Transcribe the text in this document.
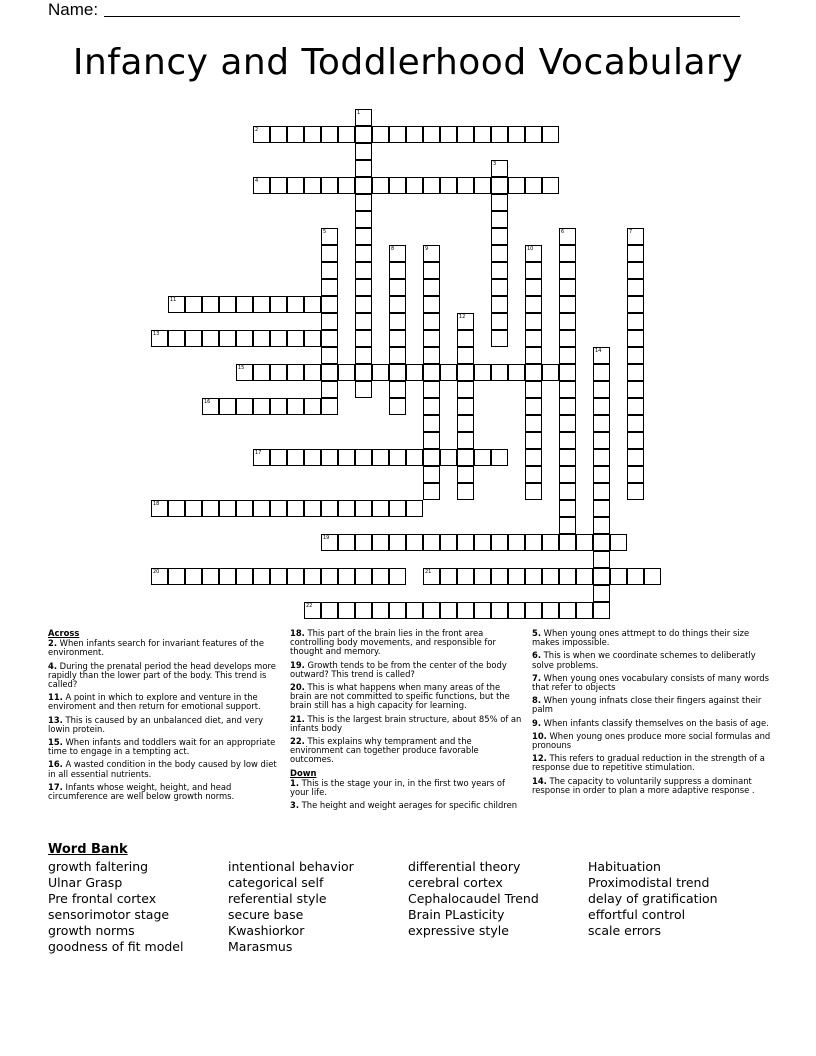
Name:
Infancy and Toddlerhood Vocabulary
1
2
3
4
5	6	7
8	9	10
11
12
13
14
15
16
17
18
19
20	21
22
Across
2. When infants search for invariant features of the environment.
4. During the prenatal period the head develops more rapidly than the lower part of the body. This trend is called?
11. A point in which to explore and venture in the enviroment and then return for emotional support.
13. This is caused by an unbalanced diet, and very lowin protein.
15. When infants and toddlers wait for an appropriate time to engage in a tempting act.
16. A wasted condition in the body caused by low diet in all essential nutrients.
17. Infants whose weight, height, and head circumference are well below growth norms.
18. This part of the brain lies in the front area controlling body movements, and responsible for thought and memory.
19. Growth tends to be from the center of the body outward? This trend is called?
20. This is what happens when many areas of the brain are not committed to speific functions, but the brain still has a high capacity for learning.
21. This is the largest brain structure, about 85% of an infants body
22. This explains why temprament and the environment can together produce favorable outcomes.
Down
1. This is the stage your in, in the first two years of your life.
3. The height and weight aerages for specific children
5. When young ones attmept to do things their size makes impossible.
6. This is when we coordinate schemes to deliberatly solve problems.
7. When young ones vocabulary consists of many words that refer to objects
8. When young infnats close their fingers against their palm
9. When infants classify themselves on the basis of age.
10. When young ones produce more social formulas and pronouns
12. This refers to gradual reduction in the strength of a response due to repetitive stimulation.
14. The capacity to voluntarily suppress a dominant response in order to plan a more adaptive response .
Word Bank
growth faltering
Ulnar Grasp
Pre frontal cortex
sensorimotor stage
growth norms
goodness of fit model
intentional behavior
categorical self
referential style
secure base
Kwashiorkor
Marasmus
differential theory
cerebral cortex
Cephalocaudel Trend
Brain PLasticity
expressive style
Habituation
Proximodistal trend
delay of gratification
effortful control
scale errors
